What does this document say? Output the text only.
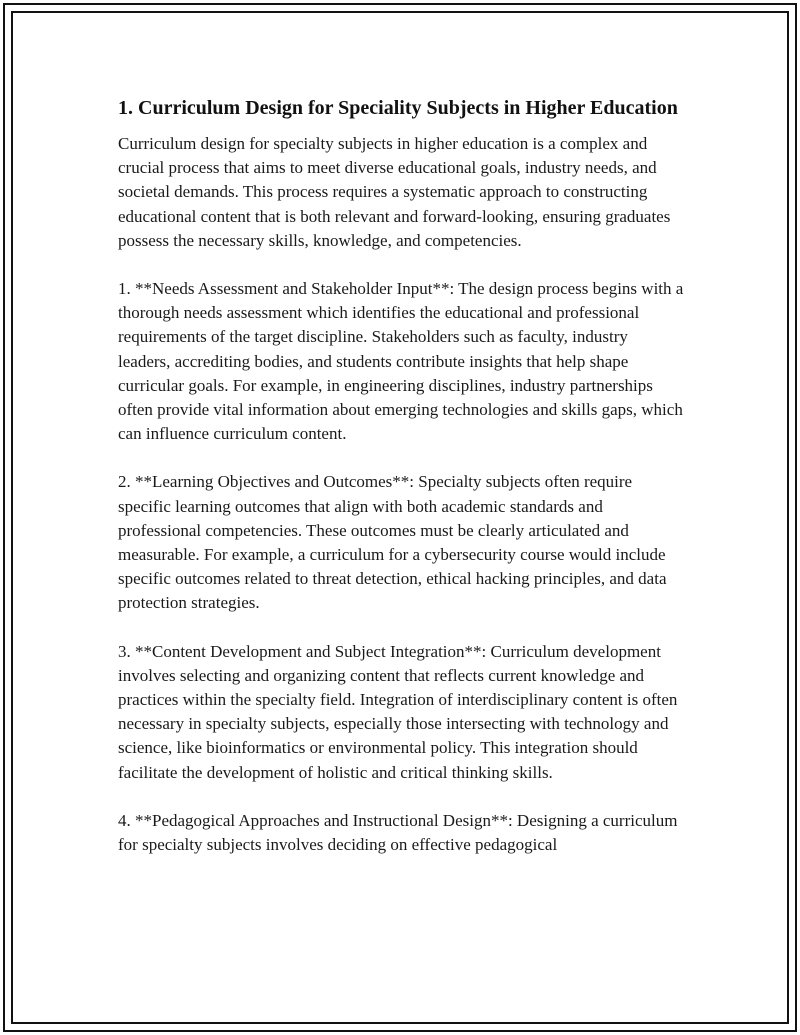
1. Curriculum Design for Speciality Subjects in Higher Education

Curriculum design for specialty subjects in higher education is a complex and crucial process that aims to meet diverse educational goals, industry needs, and societal demands. This process requires a systematic approach to constructing educational content that is both relevant and forward-looking, ensuring graduates possess the necessary skills, knowledge, and competencies.

1. **Needs Assessment and Stakeholder Input**: The design process begins with a thorough needs assessment which identifies the educational and professional requirements of the target discipline. Stakeholders such as faculty, industry leaders, accrediting bodies, and students contribute insights that help shape curricular goals. For example, in engineering disciplines, industry partnerships often provide vital information about emerging technologies and skills gaps, which can influence curriculum content.

2. **Learning Objectives and Outcomes**: Specialty subjects often require specific learning outcomes that align with both academic standards and professional competencies. These outcomes must be clearly articulated and measurable. For example, a curriculum for a cybersecurity course would include specific outcomes related to threat detection, ethical hacking principles, and data protection strategies.

3. **Content Development and Subject Integration**: Curriculum development involves selecting and organizing content that reflects current knowledge and practices within the specialty field. Integration of interdisciplinary content is often necessary in specialty subjects, especially those intersecting with technology and science, like bioinformatics or environmental policy. This integration should facilitate the development of holistic and critical thinking skills.

4. **Pedagogical Approaches and Instructional Design**: Designing a curriculum for specialty subjects involves deciding on effective pedagogical
